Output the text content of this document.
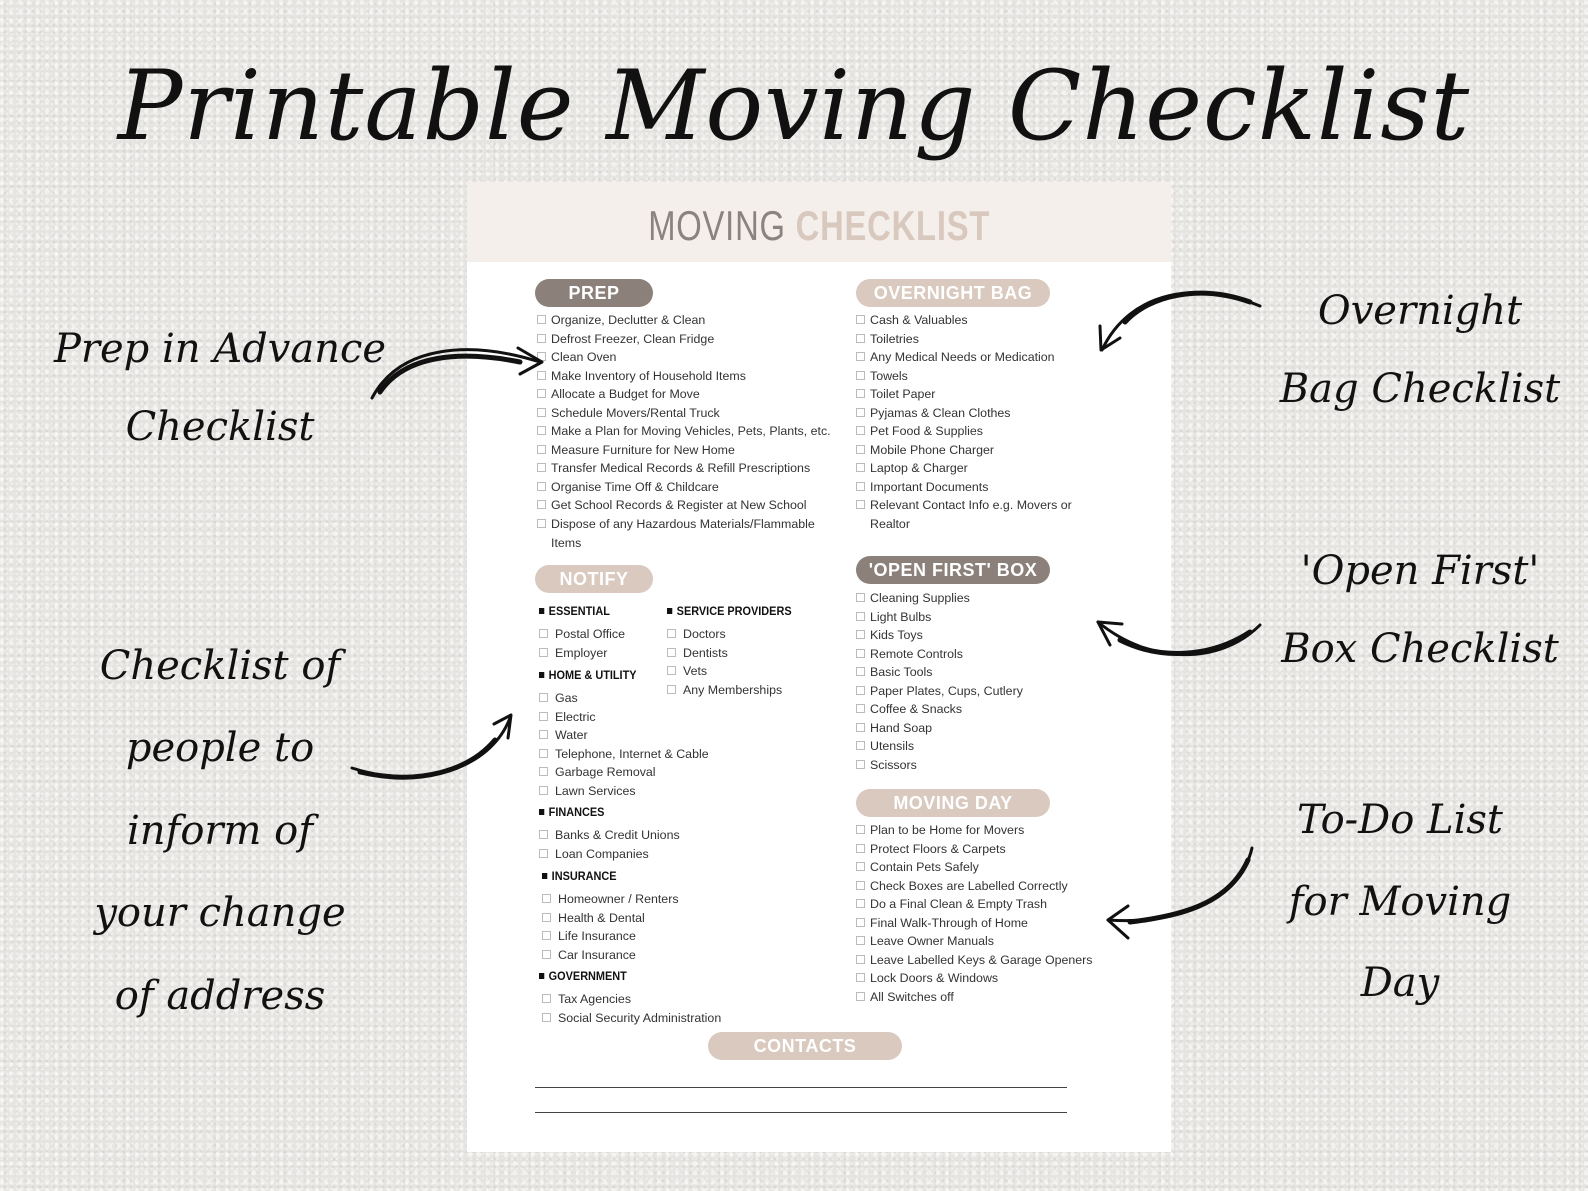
Printable Moving Checklist
Prep in Advance
Checklist
Checklist of
people to
inform of
your change
of address
Overnight
Bag Checklist
'Open First'
Box Checklist
To-Do List
for Moving
Day
MOVING CHECKLIST
PREP
Organize, Declutter & Clean
Defrost Freezer, Clean Fridge
Clean Oven
Make Inventory of Household Items
Allocate a Budget for Move
Schedule Movers/Rental Truck
Make a Plan for Moving Vehicles, Pets, Plants, etc.
Measure Furniture for New Home
Transfer Medical Records & Refill Prescriptions
Organise Time Off & Childcare
Get School Records & Register at New School
Dispose of any Hazardous Materials/Flammable Items
NOTIFY
ESSENTIAL
Postal Office
Employer
HOME & UTILITY
Gas
Electric
Water
Telephone, Internet & Cable
Garbage Removal
Lawn Services
FINANCES
Banks & Credit Unions
Loan Companies
INSURANCE
Homeowner / Renters
Health & Dental
Life Insurance
Car Insurance
GOVERNMENT
Tax Agencies
Social Security Administration
SERVICE PROVIDERS
Doctors
Dentists
Vets
Any Memberships
OVERNIGHT BAG
Cash & Valuables
Toiletries
Any Medical Needs or Medication
Towels
Toilet Paper
Pyjamas & Clean Clothes
Pet Food & Supplies
Mobile Phone Charger
Laptop & Charger
Important Documents
Relevant Contact Info e.g. Movers or Realtor
'OPEN FIRST' BOX
Cleaning Supplies
Light Bulbs
Kids Toys
Remote Controls
Basic Tools
Paper Plates, Cups, Cutlery
Coffee & Snacks
Hand Soap
Utensils
Scissors
MOVING DAY
Plan to be Home for Movers
Protect Floors & Carpets
Contain Pets Safely
Check Boxes are Labelled Correctly
Do a Final Clean & Empty Trash
Final Walk-Through of Home
Leave Owner Manuals
Leave Labelled Keys & Garage Openers
Lock Doors & Windows
All Switches off
CONTACTS
